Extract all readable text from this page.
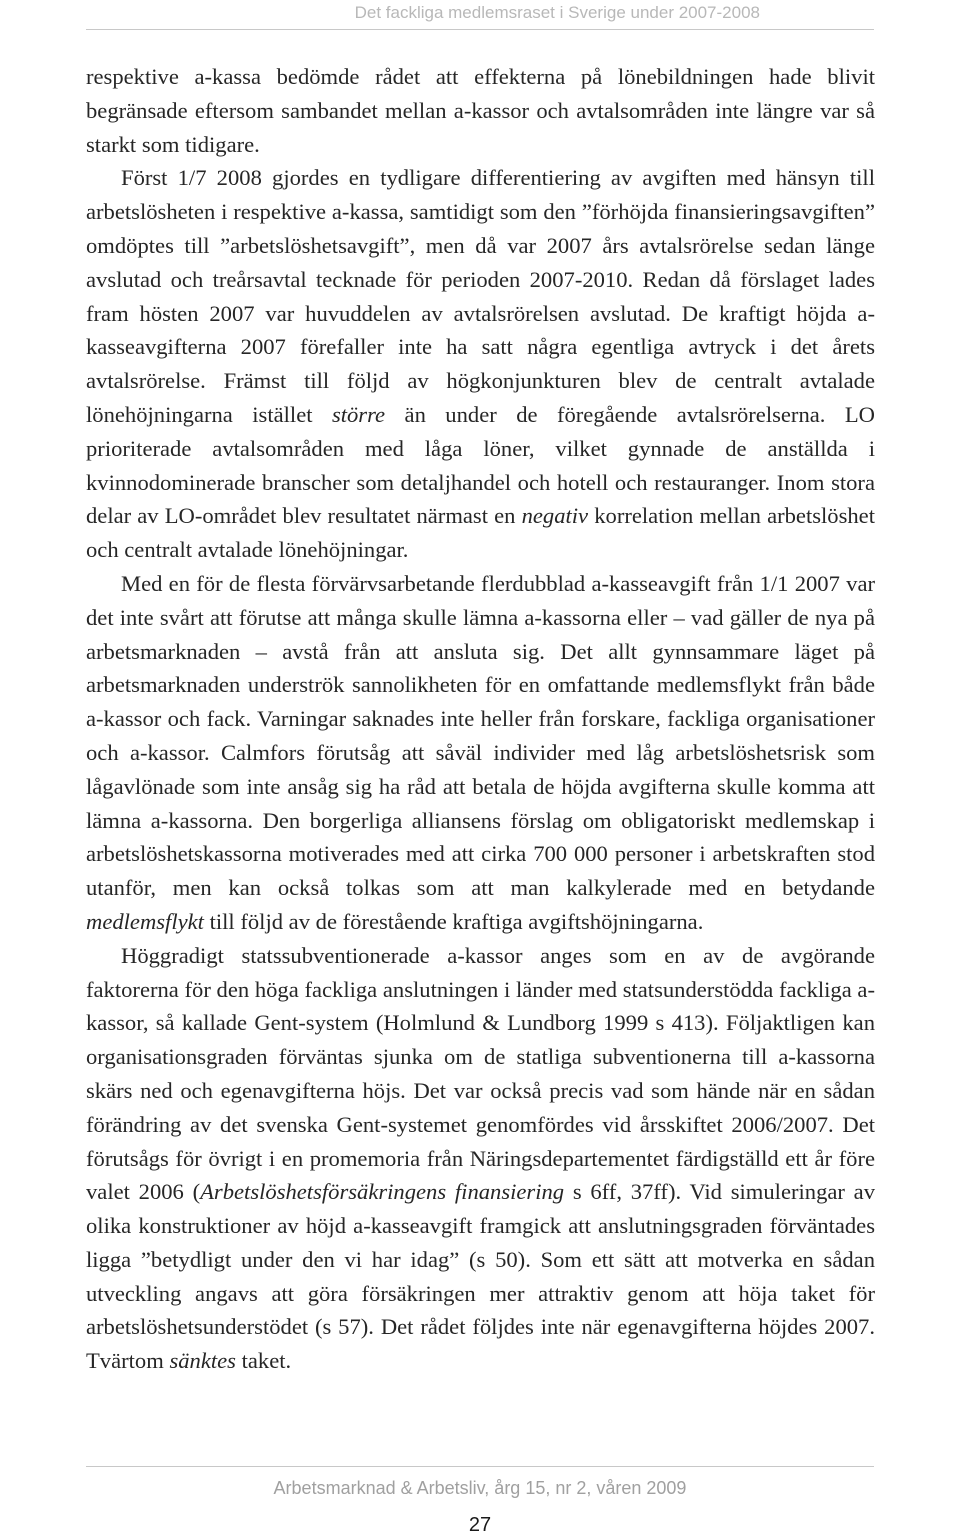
Det fackliga medlemsraset i Sverige under 2007-2008

respektive a-kassa bedömde rådet att effekterna på lönebildningen hade blivit begränsade eftersom sambandet mellan a-kassor och avtalsområden inte längre var så starkt som tidigare.

Först 1/7 2008 gjordes en tydligare differentiering av avgiften med hänsyn till arbetslösheten i respektive a-kassa, samtidigt som den ”förhöjda finansieringsavgiften” omdöptes till ”arbetslöshetsavgift”, men då var 2007 års avtalsrörelse sedan länge avslutad och treårsavtal tecknade för perioden 2007-2010. Redan då förslaget lades fram hösten 2007 var huvuddelen av avtalsrörelsen avslutad. De kraftigt höjda a-kasseavgifterna 2007 förefaller inte ha satt några egentliga avtryck i det årets avtalsrörelse. Främst till följd av högkonjunkturen blev de centralt avtalade lönehöjningarna istället större än under de föregående avtalsrörelserna. LO prioriterade avtalsområden med låga löner, vilket gynnade de anställda i kvinnodominerade branscher som detaljhandel och hotell och restauranger. Inom stora delar av LO-området blev resultatet närmast en negativ korrelation mellan arbetslöshet och centralt avtalade lönehöjningar.

Med en för de flesta förvärvsarbetande flerdubblad a-kasseavgift från 1/1 2007 var det inte svårt att förutse att många skulle lämna a-kassorna eller – vad gäller de nya på arbetsmarknaden – avstå från att ansluta sig. Det allt gynnsammare läget på arbetsmarknaden underströk sannolikheten för en omfattande medlemsflykt från både a-kassor och fack. Varningar saknades inte heller från forskare, fackliga organisationer och a-kassor. Calmfors förutsåg att såväl individer med låg arbetslöshetsrisk som lågavlönade som inte ansåg sig ha råd att betala de höjda avgifterna skulle komma att lämna a-kassorna. Den borgerliga alliansens förslag om obligatoriskt medlemskap i arbetslöshetskassorna motiverades med att cirka 700 000 personer i arbetskraften stod utanför, men kan också tolkas som att man kalkylerade med en betydande medlemsflykt till följd av de förestående kraftiga avgiftshöjningarna.

Höggradigt statssubventionerade a-kassor anges som en av de avgörande faktorerna för den höga fackliga anslutningen i länder med statsunderstödda fackliga a-kassor, så kallade Gent-system (Holmlund & Lundborg 1999 s 413). Följaktligen kan organisationsgraden förväntas sjunka om de statliga subventionerna till a-kassorna skärs ned och egenavgifterna höjs. Det var också precis vad som hände när en sådan förändring av det svenska Gent-systemet genomfördes vid årsskiftet 2006/2007. Det förutsågs för övrigt i en promemoria från Näringsdepartementet färdigställd ett år före valet 2006 (Arbetslöshetsförsäkringens finansiering s 6ff, 37ff). Vid simuleringar av olika konstruktioner av höjd a-kasseavgift framgick att anslutningsgraden förväntades ligga ”betydligt under den vi har idag” (s 50). Som ett sätt att motverka en sådan utveckling angavs att göra försäkringen mer attraktiv genom att höja taket för arbetslöshetsunderstödet (s 57). Det rådet följdes inte när egenavgifterna höjdes 2007. Tvärtom sänktes taket.

Arbetsmarknad & Arbetsliv, årg 15, nr 2, våren 2009
27
